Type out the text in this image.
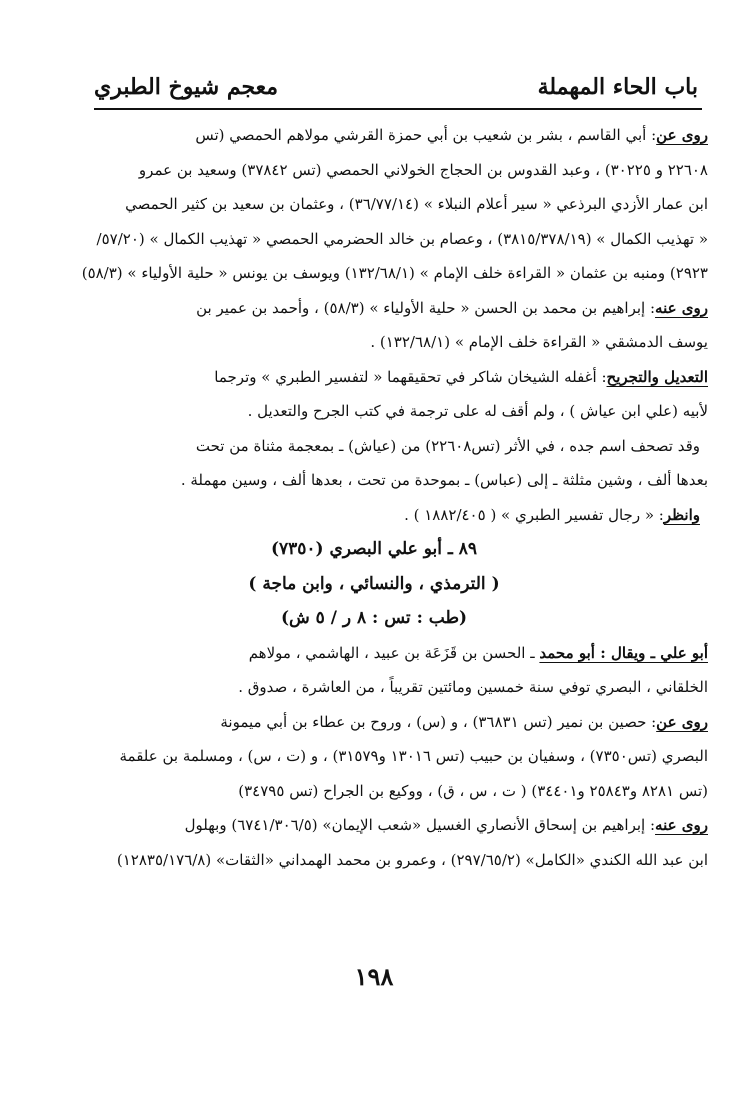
باب الحاء المهملة
معجم شيوخ الطبري
روى عن: أبي القاسم ، بشر بن شعيب بن أبي حمزة القرشي مولاهم الحمصي (تس
٢٢٦٠٨ و ٣٠٢٢٥) ، وعبد القدوس بن الحجاج الخولاني الحمصي (تس ٣٧٨٤٢) وسعيد بن عمرو
ابن عمار الأزدي البرذعي « سير أعلام النبلاء » (٣٦/٧٧/١٤) ، وعثمان بن سعيد بن كثير الحمصي
« تهذيب الكمال » (٣٨١٥/٣٧٨/١٩) ، وعصام بن خالد الحضرمي الحمصي « تهذيب الكمال » (٥٧/٢٠/
٢٩٢٣) ومنبه بن عثمان « القراءة خلف الإمام » (١٣٢/٦٨/١) ويوسف بن يونس « حلية الأولياء » (٥٨/٣)
روى عنه: إبراهيم بن محمد بن الحسن « حلية الأولياء » (٥٨/٣) ، وأحمد بن عمير بن
يوسف الدمشقي « القراءة خلف الإمام » (١٣٢/٦٨/١) .
التعديل والتجريح: أغفله الشيخان شاكر في تحقيقهما « لتفسير الطبري » وترجما
لأبيه (علي ابن عياش ) ، ولم أقف له على ترجمة في كتب الجرح والتعديل .
وقد تصحف اسم جده ، في الأثر (تس٢٢٦٠٨) من (عياش) ـ بمعجمة مثناة من تحت
بعدها ألف ، وشين مثلثة ـ إلى (عباس) ـ بموحدة من تحت ، بعدها ألف ، وسين مهملة .
وانظر: « رجال تفسير الطبري » ( ١٨٨٢/٤٠٥ ) .
٨٩ ـ أبو علي البصري (٧٣٥٠)
( الترمذي ، والنسائي ، وابن ماجة )
(طب : تس : ٨ ر / ٥ ش)
أبو علي ـ ويقال : أبو محمد ـ الحسن بن قَزَعَة بن عبيد ، الهاشمي ، مولاهم
الخلقاني ، البصري توفي سنة خمسين ومائتين تقريباً ، من العاشرة ، صدوق .
روى عن: حصين بن نمير (تس ٣٦٨٣١) ، و (س) ، وروح بن عطاء بن أبي ميمونة
البصري (تس٧٣٥٠) ، وسفيان بن حبيب (تس ١٣٠١٦ و٣١٥٧٩) ، و (ت ، س) ، ومسلمة بن علقمة
(تس ٨٢٨١ و٢٥٨٤٣ و٣٤٤٠١) ( ت ، س ، ق) ، ووكيع بن الجراح (تس ٣٤٧٩٥)
روى عنه: إبراهيم بن إسحاق الأنصاري الغسيل «شعب الإيمان» (٦٧٤١/٣٠٦/٥) وبهلول
ابن عبد الله الكندي «الكامل» (٢٩٧/٦٥/٢) ، وعمرو بن محمد الهمداني «الثقات» (١٢٨٣٥/١٧٦/٨)
١٩٨
